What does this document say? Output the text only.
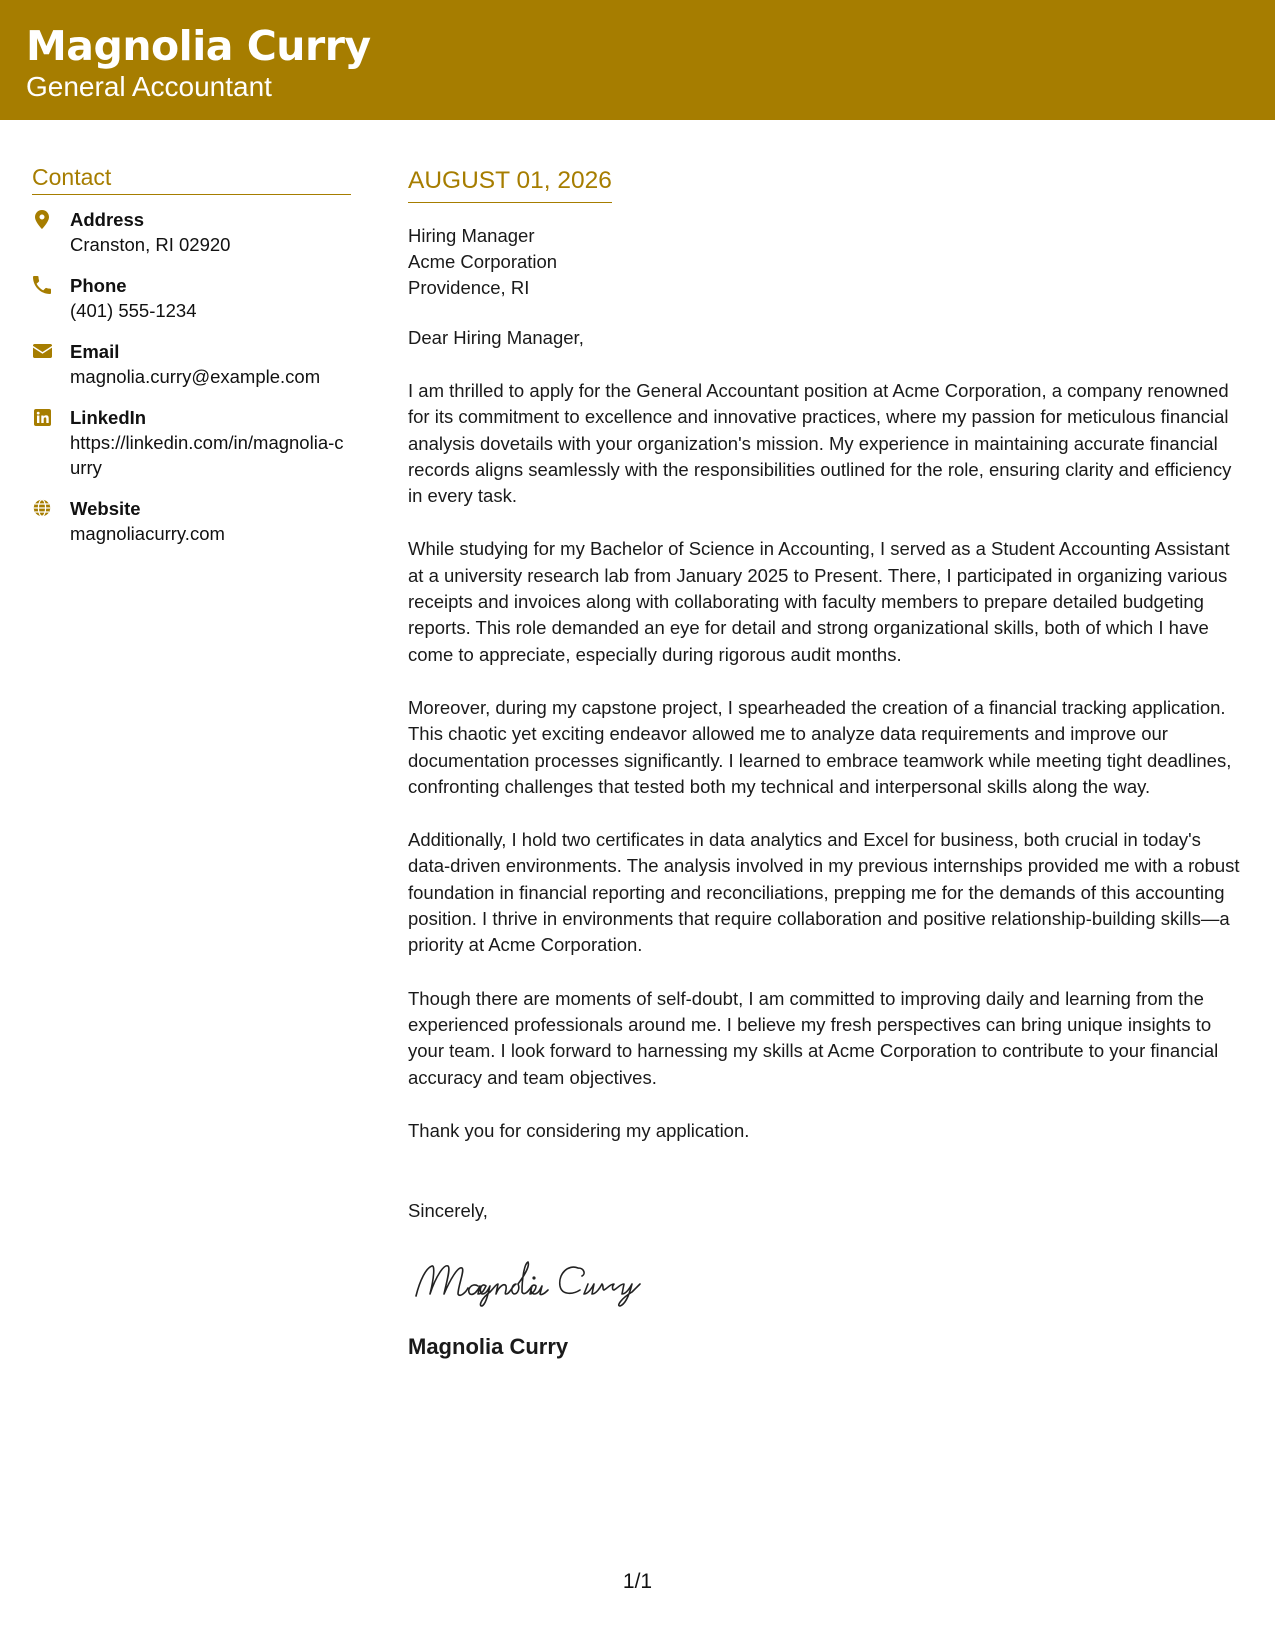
Magnolia Curry
General Accountant
Contact
Address
Cranston, RI 02920
Phone
(401) 555-1234
Email
magnolia.curry@example.com
LinkedIn
https://linkedin.com/in/magnolia-curry
Website
magnoliacurry.com
AUGUST 01, 2026
Hiring Manager
Acme Corporation
Providence, RI
Dear Hiring Manager,
I am thrilled to apply for the General Accountant position at Acme Corporation, a company renowned for its commitment to excellence and innovative practices, where my passion for meticulous financial analysis dovetails with your organization's mission. My experience in maintaining accurate financial records aligns seamlessly with the responsibilities outlined for the role, ensuring clarity and efficiency in every task.
While studying for my Bachelor of Science in Accounting, I served as a Student Accounting Assistant at a university research lab from January 2025 to Present. There, I participated in organizing various receipts and invoices along with collaborating with faculty members to prepare detailed budgeting reports. This role demanded an eye for detail and strong organizational skills, both of which I have come to appreciate, especially during rigorous audit months.
Moreover, during my capstone project, I spearheaded the creation of a financial tracking application. This chaotic yet exciting endeavor allowed me to analyze data requirements and improve our documentation processes significantly. I learned to embrace teamwork while meeting tight deadlines, confronting challenges that tested both my technical and interpersonal skills along the way.
Additionally, I hold two certificates in data analytics and Excel for business, both crucial in today's data-driven environments. The analysis involved in my previous internships provided me with a robust foundation in financial reporting and reconciliations, prepping me for the demands of this accounting position. I thrive in environments that require collaboration and positive relationship-building skills—a priority at Acme Corporation.
Though there are moments of self-doubt, I am committed to improving daily and learning from the experienced professionals around me. I believe my fresh perspectives can bring unique insights to your team. I look forward to harnessing my skills at Acme Corporation to contribute to your financial accuracy and team objectives.
Thank you for considering my application.
Sincerely,
Magnolia Curry
1/1
